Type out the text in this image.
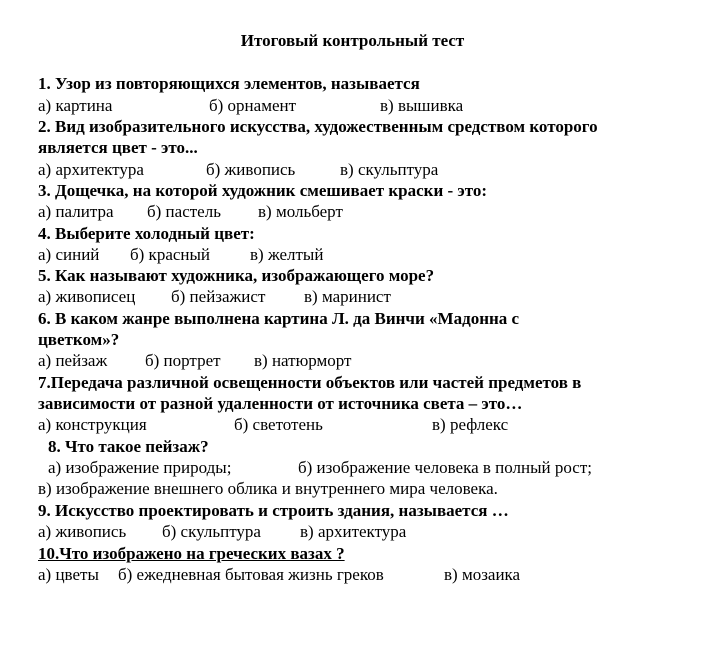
Итоговый контрольный тест
1. Узор из повторяющихся элементов, называется
а) картина	б) орнамент	в) вышивка
2. Вид изобразительного искусства, художественным средством которого
является цвет - это...
а) архитектура	б) живопись	в) скульптура
3. Дощечка, на которой художник смешивает краски - это:
а) палитра б) пастель в) мольберт
4. Выберите холодный цвет:
а) синий б) красный в) желтый
5. Как называют художника, изображающего море?
а) живописец б) пейзажист в) маринист
6. В каком жанре выполнена картина Л. да Винчи «Мадонна с
цветком»?
а) пейзаж б) портрет в) натюрморт
7.Передача различной освещенности объектов или частей предметов в
зависимости от разной удаленности от источника света – это…
а) конструкция	б) светотень	в) рефлекс
8. Что такое пейзаж?
а) изображение природы;	б) изображение человека в полный рост;
в) изображение внешнего облика и внутреннего мира человека.
9. Искусство проектировать и строить здания, называется …
а) живопись б) скульптура в) архитектура
10.Что изображено на греческих вазах ?
а) цветы б) ежедневная бытовая жизнь греков	в) мозаика
